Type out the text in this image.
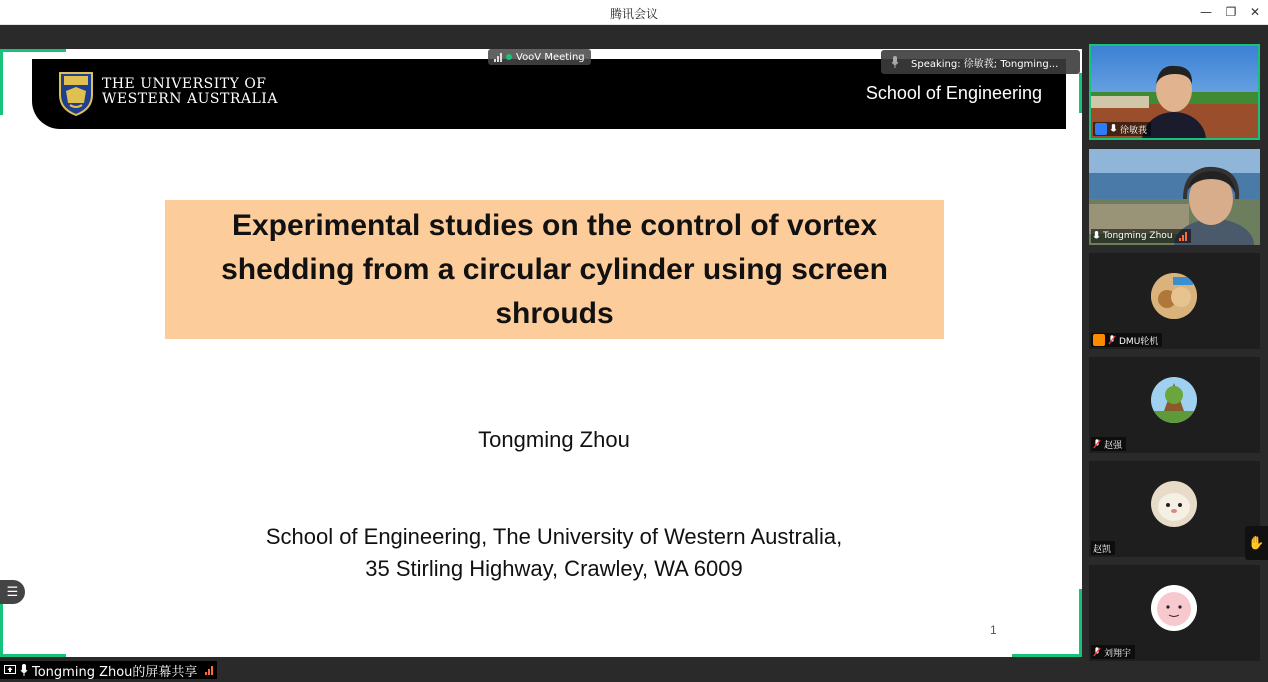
腾讯会议	— ❐ ✕
THE UNIVERSITY OF WESTERN AUSTRALIA	School of Engineering
Experimental studies on the control of vortex shedding from a circular cylinder using screen shrouds
Tongming Zhou
School of Engineering, The University of Western Australia,
35 Stirling Highway, Crawley, WA 6009
1
VooV Meeting
Speaking: 徐敏莪; Tongming...
☰
Tongming Zhou的屏幕共享
徐敏莪
Tongming Zhou
DMU轮机
赵强
赵凯
刘翔宇
✋
